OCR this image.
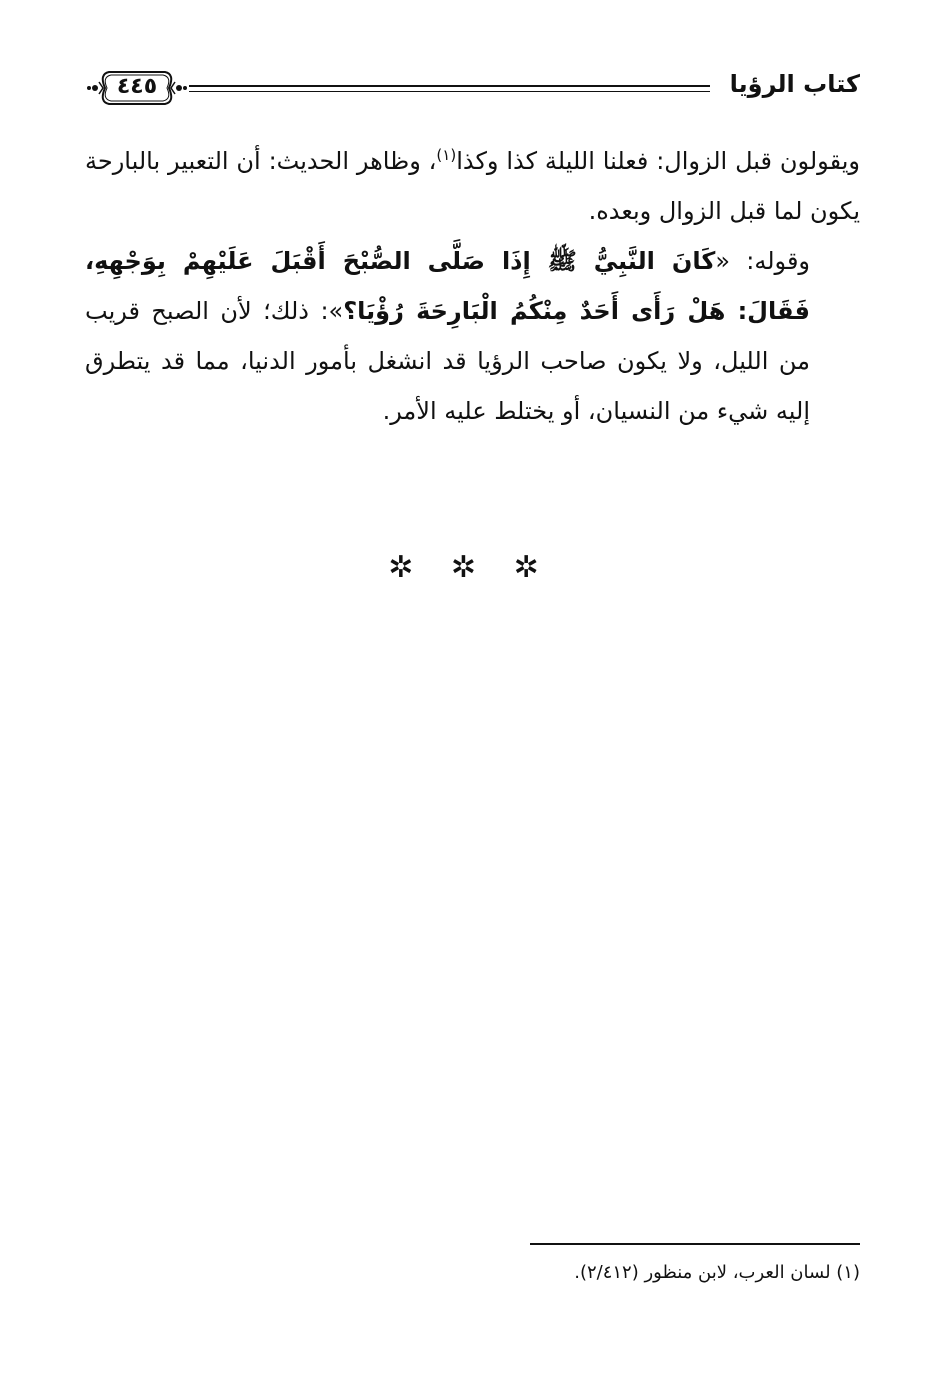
كتاب الرؤيا
٤٤٥

ويقولون قبل الزوال: فعلنا الليلة كذا وكذا$^{(١)}$، وظاهر الحديث: أن التعبير بالبارحة يكون لما قبل الزوال وبعده.

وقوله: «كَانَ النَّبِيُّ ﷺ إِذَا صَلَّى الصُّبْحَ أَقْبَلَ عَلَيْهِمْ بِوَجْهِهِ، فَقَالَ: هَلْ رَأَى أَحَدٌ مِنْكُمُ الْبَارِحَةَ رُؤْيَا؟»: ذلك؛ لأن الصبح قريب من الليل، ولا يكون صاحب الرؤيا قد انشغل بأمور الدنيا، مما قد يتطرق إليه شيء من النسيان، أو يختلط عليه الأمر.

✲ ✲ ✲
(١) لسان العرب، لابن منظور (٢/٤١٢).
